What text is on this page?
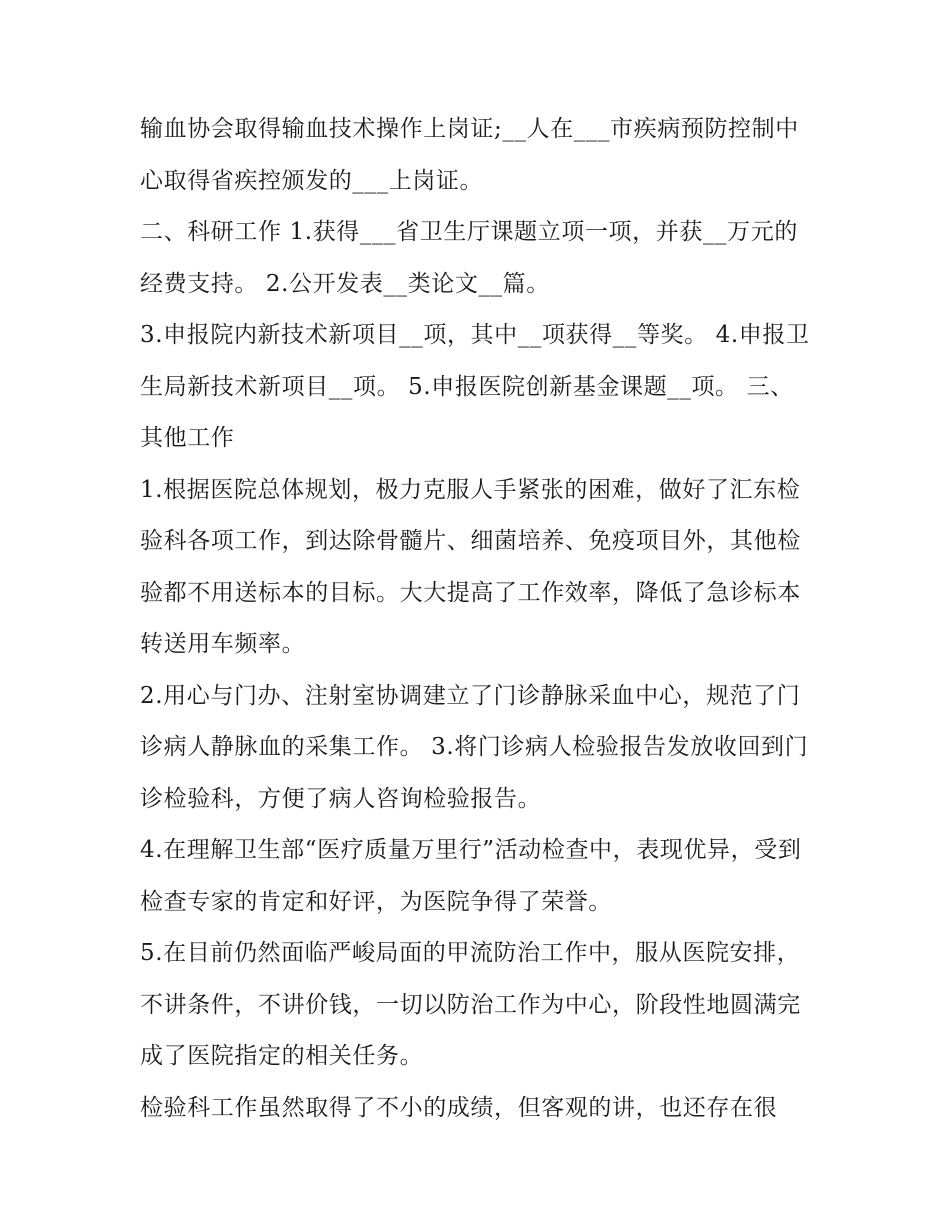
输血协会取得输血技术操作上岗证;__人在___市疾病预防控制中心取得省疾控颁发的___上岗证。

二、科研工作 1.获得___省卫生厅课题立项一项，并获__万元的经费支持。 2.公开发表__类论文__篇。

3.申报院内新技术新项目__项，其中__项获得__等奖。 4.申报卫生局新技术新项目__项。 5.申报医院创新基金课题__项。 三、其他工作

1.根据医院总体规划，极力克服人手紧张的困难，做好了汇东检验科各项工作，到达除骨髓片、细菌培养、免疫项目外，其他检验都不用送标本的目标。大大提高了工作效率，降低了急诊标本转送用车频率。

2.用心与门办、注射室协调建立了门诊静脉采血中心，规范了门诊病人静脉血的采集工作。 3.将门诊病人检验报告发放收回到门诊检验科，方便了病人咨询检验报告。

4.在理解卫生部“医疗质量万里行”活动检查中，表现优异，受到检查专家的肯定和好评，为医院争得了荣誉。

5.在目前仍然面临严峻局面的甲流防治工作中，服从医院安排，不讲条件，不讲价钱，一切以防治工作为中心，阶段性地圆满完成了医院指定的相关任务。

检验科工作虽然取得了不小的成绩，但客观的讲，也还存在很
